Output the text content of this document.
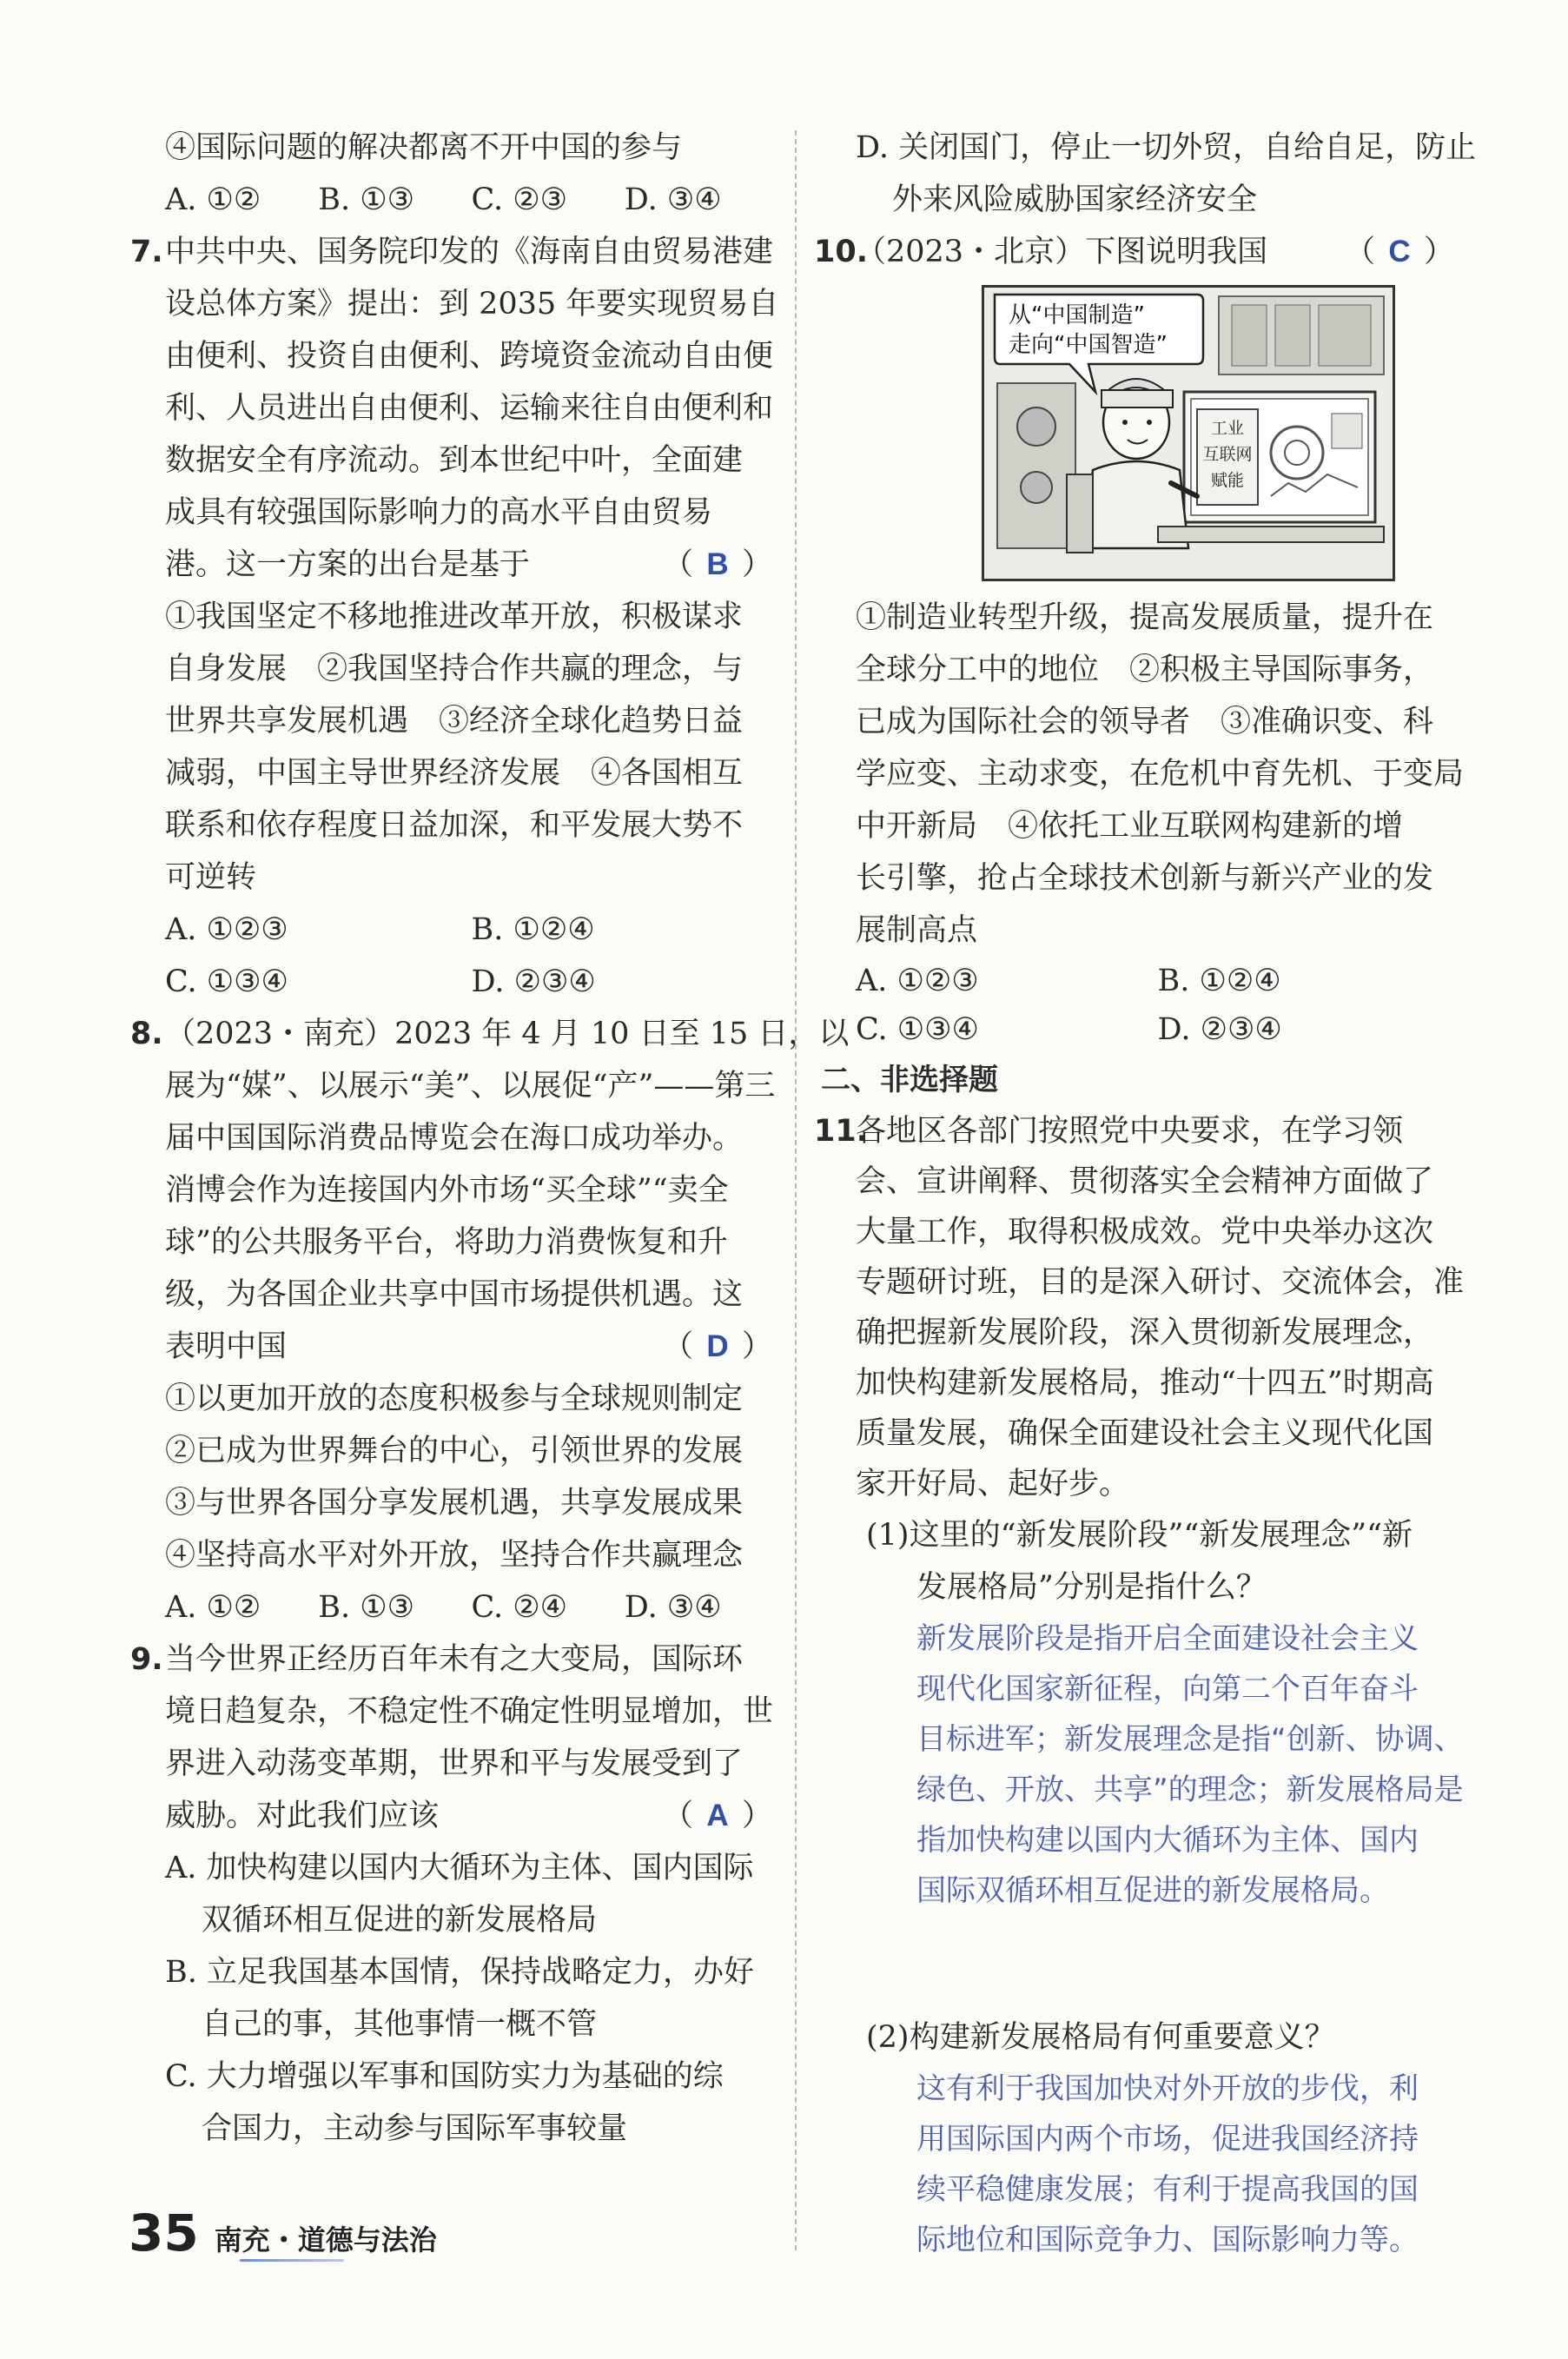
④国际问题的解决都离不开中国的参与
A. ①②	B. ①③	C. ②③	D. ③④
7. 中共中央、国务院印发的《海南自由贸易港建
设总体方案》提出：到 2035 年要实现贸易自
由便利、投资自由便利、跨境资金流动自由便
利、人员进出自由便利、运输来往自由便利和
数据安全有序流动。到本世纪中叶，全面建
成具有较强国际影响力的高水平自由贸易
港。这一方案的出台是基于	（ B ）
①我国坚定不移地推进改革开放，积极谋求
自身发展　②我国坚持合作共赢的理念，与
世界共享发展机遇　③经济全球化趋势日益
减弱，中国主导世界经济发展　④各国相互
联系和依存程度日益加深，和平发展大势不
可逆转
A. ①②③	B. ①②④
C. ①③④	D. ②③④
8. （2023・南充）2023 年 4 月 10 日至 15 日，以
展为“媒”、以展示“美”、以展促“产”——第三
届中国国际消费品博览会在海口成功举办。
消博会作为连接国内外市场“买全球”“卖全
球”的公共服务平台，将助力消费恢复和升
级，为各国企业共享中国市场提供机遇。这
表明中国	（ D ）
①以更加开放的态度积极参与全球规则制定
②已成为世界舞台的中心，引领世界的发展
③与世界各国分享发展机遇，共享发展成果
④坚持高水平对外开放，坚持合作共赢理念
A. ①②	B. ①③	C. ②④	D. ③④
9. 当今世界正经历百年未有之大变局，国际环
境日趋复杂，不稳定性不确定性明显增加，世
界进入动荡变革期，世界和平与发展受到了
威胁。对此我们应该	（ A ）
A. 加快构建以国内大循环为主体、国内国际
双循环相互促进的新发展格局
B. 立足我国基本国情，保持战略定力，办好
自己的事，其他事情一概不管
C. 大力增强以军事和国防实力为基础的综
合国力，主动参与国际军事较量
D. 关闭国门，停止一切外贸，自给自足，防止
外来风险威胁国家经济安全
10.
（2023・北京）下图说明我国	（ C ）
工业
互联网
赋能
从“中国制造”
走向“中国智造”
①制造业转型升级，提高发展质量，提升在
全球分工中的地位　②积极主导国际事务，
已成为国际社会的领导者　③准确识变、科
学应变、主动求变，在危机中育先机、于变局
中开新局　④依托工业互联网构建新的增
长引擎，抢占全球技术创新与新兴产业的发
展制高点
A. ①②③	B. ①②④
C. ①③④	D. ②③④
二、非选择题
11.
各地区各部门按照党中央要求，在学习领
会、宣讲阐释、贯彻落实全会精神方面做了
大量工作，取得积极成效。党中央举办这次
专题研讨班，目的是深入研讨、交流体会，准
确把握新发展阶段，深入贯彻新发展理念，
加快构建新发展格局，推动“十四五”时期高
质量发展，确保全面建设社会主义现代化国
家开好局、起好步。
(1)这里的“新发展阶段”“新发展理念”“新
发展格局”分别是指什么？
新发展阶段是指开启全面建设社会主义
现代化国家新征程，向第二个百年奋斗
目标进军；新发展理念是指“创新、协调、
绿色、开放、共享”的理念；新发展格局是
指加快构建以国内大循环为主体、国内
国际双循环相互促进的新发展格局。
(2)构建新发展格局有何重要意义？
这有利于我国加快对外开放的步伐，利
用国际国内两个市场，促进我国经济持
续平稳健康发展；有利于提高我国的国
际地位和国际竞争力、国际影响力等。
35 南充・道德与法治
